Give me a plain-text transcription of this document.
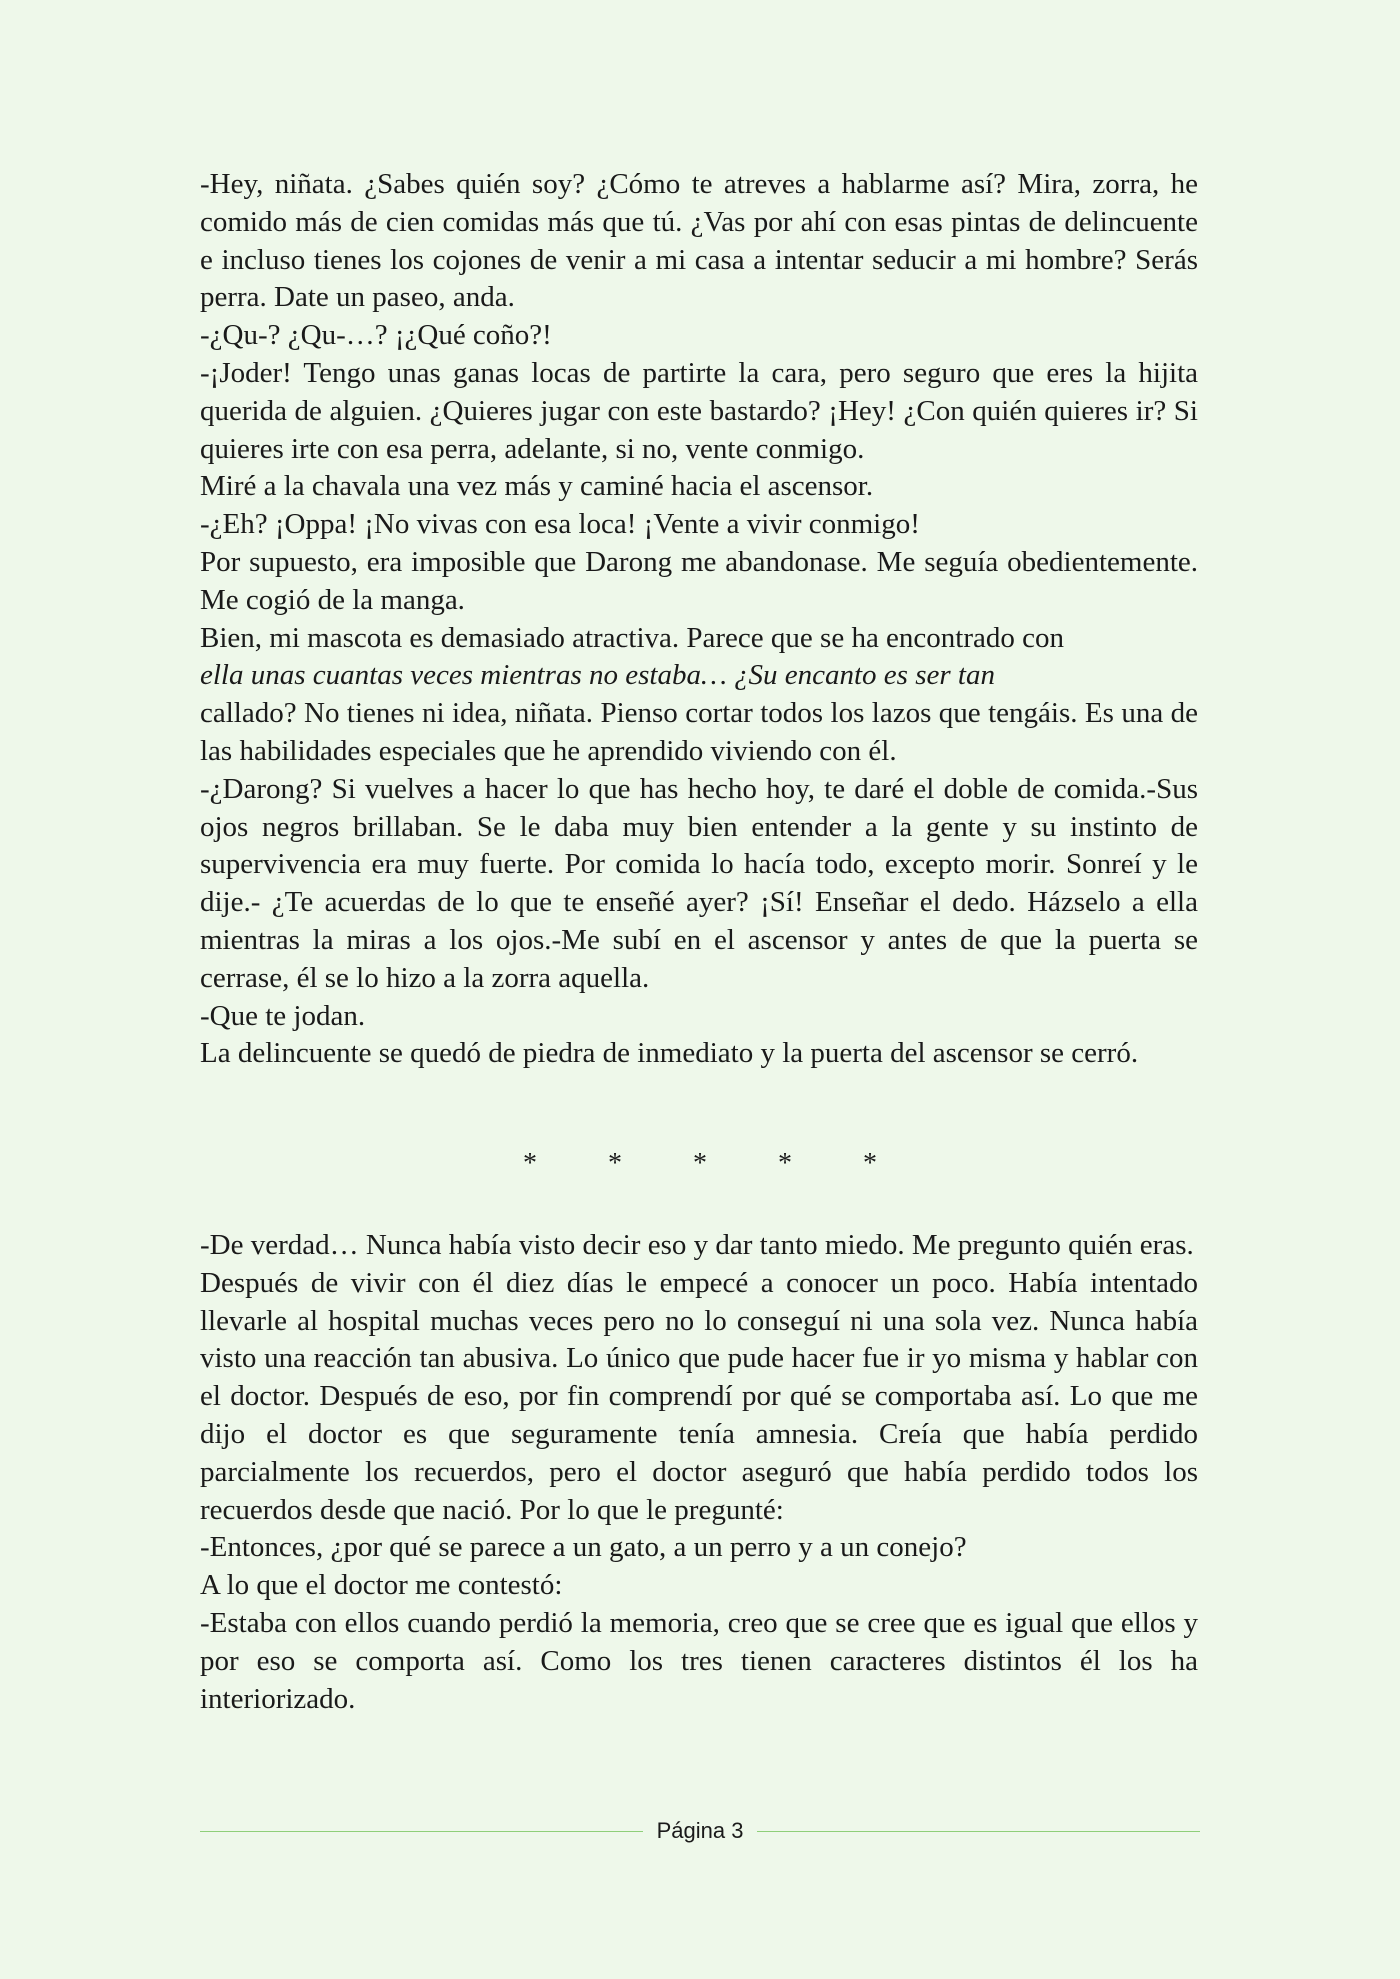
-Hey, niñata. ¿Sabes quién soy? ¿Cómo te atreves a hablarme así? Mira, zorra, he comido más de cien comidas más que tú. ¿Vas por ahí con esas pintas de delincuente e incluso tienes los cojones de venir a mi casa a intentar seducir a mi hombre? Serás perra. Date un paseo, anda.

-¿Qu-? ¿Qu-…? ¡¿Qué coño?!

-¡Joder! Tengo unas ganas locas de partirte la cara, pero seguro que eres la hijita querida de alguien. ¿Quieres jugar con este bastardo? ¡Hey! ¿Con quién quieres ir? Si quieres irte con esa perra, adelante, si no, vente conmigo.

Miré a la chavala una vez más y caminé hacia el ascensor.

-¿Eh? ¡Oppa! ¡No vivas con esa loca! ¡Vente a vivir conmigo!

Por supuesto, era imposible que Darong me abandonase. Me seguía obedientemente. Me cogió de la manga.

Bien, mi mascota es demasiado atractiva. Parece que se ha encontrado con

ella unas cuantas veces mientras no estaba… ¿Su encanto es ser tan

callado? No tienes ni idea, niñata. Pienso cortar todos los lazos que tengáis. Es una de las habilidades especiales que he aprendido viviendo con él.

-¿Darong? Si vuelves a hacer lo que has hecho hoy, te daré el doble de comida.-Sus ojos negros brillaban. Se le daba muy bien entender a la gente y su instinto de supervivencia era muy fuerte. Por comida lo hacía todo, excepto morir. Sonreí y le dije.- ¿Te acuerdas de lo que te enseñé ayer? ¡Sí! Enseñar el dedo. Házselo a ella mientras la miras a los ojos.-Me subí en el ascensor y antes de que la puerta se cerrase, él se lo hizo a la zorra aquella.

-Que te jodan.

La delincuente se quedó de piedra de inmediato y la puerta del ascensor se cerró.

*	*	*	*	*

-De verdad… Nunca había visto decir eso y dar tanto miedo. Me pregunto quién eras.

Después de vivir con él diez días le empecé a conocer un poco. Había intentado llevarle al hospital muchas veces pero no lo conseguí ni una sola vez. Nunca había visto una reacción tan abusiva. Lo único que pude hacer fue ir yo misma y hablar con el doctor. Después de eso, por fin comprendí por qué se comportaba así. Lo que me dijo el doctor es que seguramente tenía amnesia. Creía que había perdido parcialmente los recuerdos, pero el doctor aseguró que había perdido todos los recuerdos desde que nació. Por lo que le pregunté:

-Entonces, ¿por qué se parece a un gato, a un perro y a un conejo?

A lo que el doctor me contestó:

-Estaba con ellos cuando perdió la memoria, creo que se cree que es igual que ellos y por eso se comporta así. Como los tres tienen caracteres distintos él los ha interiorizado.

Página 3
